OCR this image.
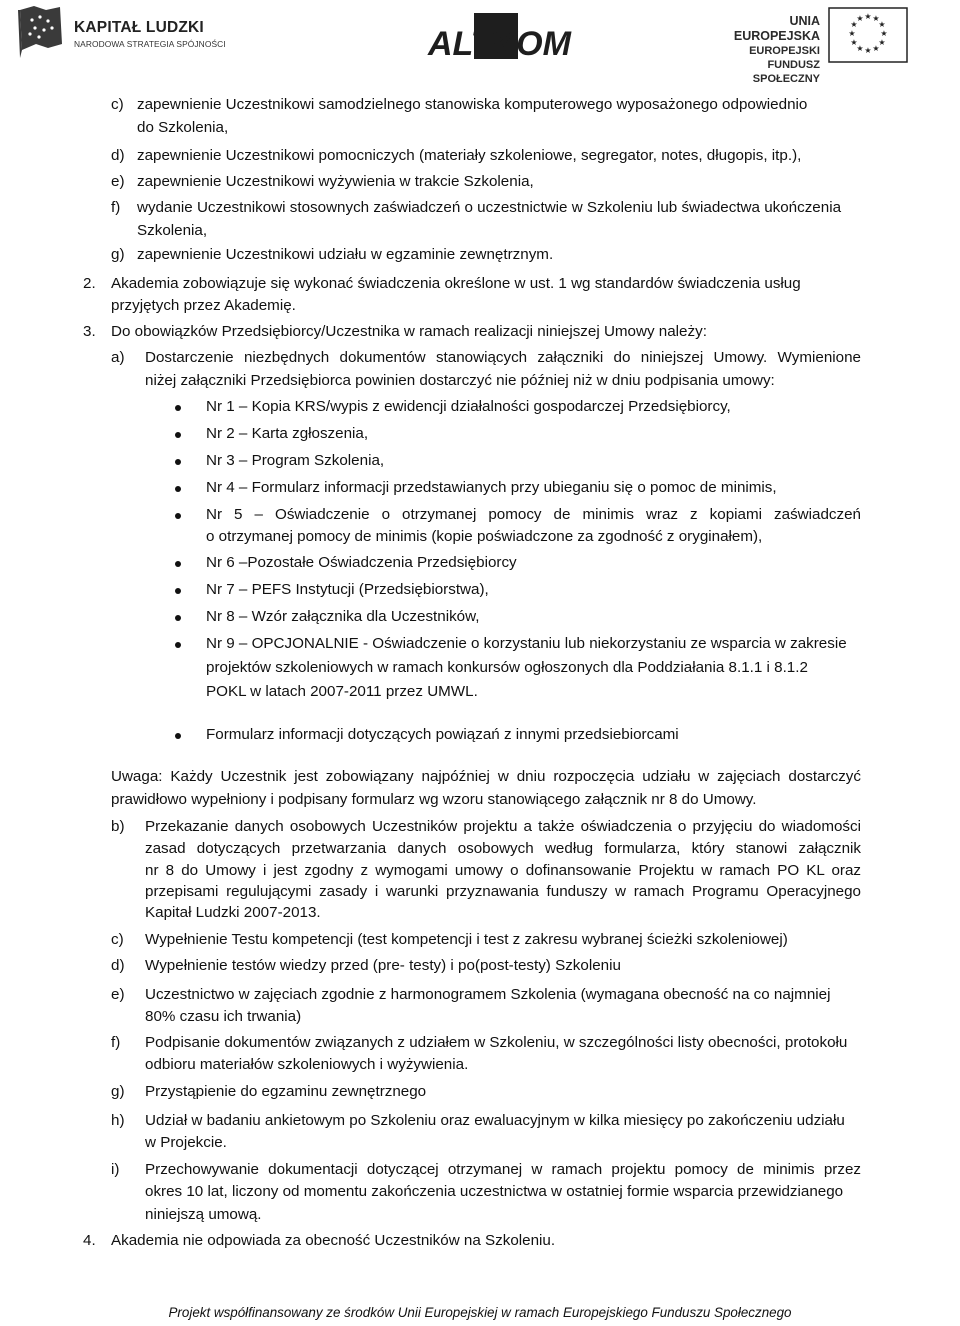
KAPITAŁ LUDZKI
NARODOWA STRATEGIA SPÓJNOŚCI	ALTKOM
UNIA EUROPEJSKA
EUROPEJSKI
FUNDUSZ SPOŁECZNY
★ ★
★
★
★
★
★
★
★
★
★
★
c) zapewnienie Uczestnikowi samodzielnego stanowiska komputerowego wyposażonego odpowiednio
do Szkolenia,
d) zapewnienie Uczestnikowi pomocniczych (materiały szkoleniowe, segregator, notes, długopis, itp.),
e) zapewnienie Uczestnikowi wyżywienia w trakcie Szkolenia,
f) wydanie Uczestnikowi stosownych zaświadczeń o uczestnictwie w Szkoleniu lub świadectwa ukończenia
Szkolenia,
g) zapewnienie Uczestnikowi udziału w egzaminie zewnętrznym.
2. Akademia zobowiązuje się wykonać świadczenia określone w ust. 1 wg standardów świadczenia usług
przyjętych przez Akademię.
3. Do obowiązków Przedsiębiorcy/Uczestnika w ramach realizacji niniejszej Umowy należy:
a) Dostarczenie niezbędnych dokumentów stanowiących załączniki do niniejszej Umowy. Wymienione
niżej załączniki Przedsiębiorca powinien dostarczyć nie później niż w dniu podpisania umowy:
Nr 1 – Kopia KRS/wypis z ewidencji działalności gospodarczej Przedsiębiorcy,
Nr 2 – Karta zgłoszenia,
Nr 3 – Program Szkolenia,
Nr 4 – Formularz informacji przedstawianych przy ubieganiu się o pomoc de minimis,
Nr 5 – Oświadczenie o otrzymanej pomocy de minimis wraz z kopiami zaświadczeń
o otrzymanej pomocy de minimis (kopie poświadczone za zgodność z oryginałem),
Nr 6 –Pozostałe Oświadczenia Przedsiębiorcy
Nr 7 – PEFS Instytucji (Przedsiębiorstwa),
Nr 8 – Wzór załącznika dla Uczestników,
Nr 9 – OPCJONALNIE - Oświadczenie o korzystaniu lub niekorzystaniu ze wsparcia w zakresie
projektów szkoleniowych w ramach konkursów ogłoszonych dla Poddziałania 8.1.1 i 8.1.2
POKL w latach 2007-2011 przez UMWL.
Formularz informacji dotyczących powiązań z innymi przedsiebiorcami
Uwaga: Każdy Uczestnik jest zobowiązany najpóźniej w dniu rozpoczęcia udziału w zajęciach dostarczyć
prawidłowo wypełniony i podpisany formularz wg wzoru stanowiącego załącznik nr 8 do Umowy.
b) Przekazanie danych osobowych Uczestników projektu a także oświadczenia o przyjęciu do wiadomości
zasad dotyczących przetwarzania danych osobowych według formularza, który stanowi załącznik
nr 8 do Umowy i jest zgodny z wymogami umowy o dofinansowanie Projektu w ramach PO KL oraz
przepisami regulującymi zasady i warunki przyznawania funduszy w ramach Programu Operacyjnego
Kapitał Ludzki 2007-2013.
c) Wypełnienie Testu kompetencji (test kompetencji i test z zakresu wybranej ścieżki szkoleniowej)
d) Wypełnienie testów wiedzy przed (pre- testy) i po(post-testy) Szkoleniu
e) Uczestnictwo w zajęciach zgodnie z harmonogramem Szkolenia (wymagana obecność na co najmniej
80% czasu ich trwania)
f) Podpisanie dokumentów związanych z udziałem w Szkoleniu, w szczególności listy obecności, protokołu
odbioru materiałów szkoleniowych i wyżywienia.
g) Przystąpienie do egzaminu zewnętrznego
h) Udział w badaniu ankietowym po Szkoleniu oraz ewaluacyjnym w kilka miesięcy po zakończeniu udziału
w Projekcie.
i) Przechowywanie dokumentacji dotyczącej otrzymanej w ramach projektu pomocy de minimis przez
okres 10 lat, liczony od momentu zakończenia uczestnictwa w ostatniej formie wsparcia przewidzianego
niniejszą umową.
4. Akademia nie odpowiada za obecność Uczestników na Szkoleniu.
Projekt współfinansowany ze środków Unii Europejskiej w ramach Europejskiego Funduszu Społecznego
